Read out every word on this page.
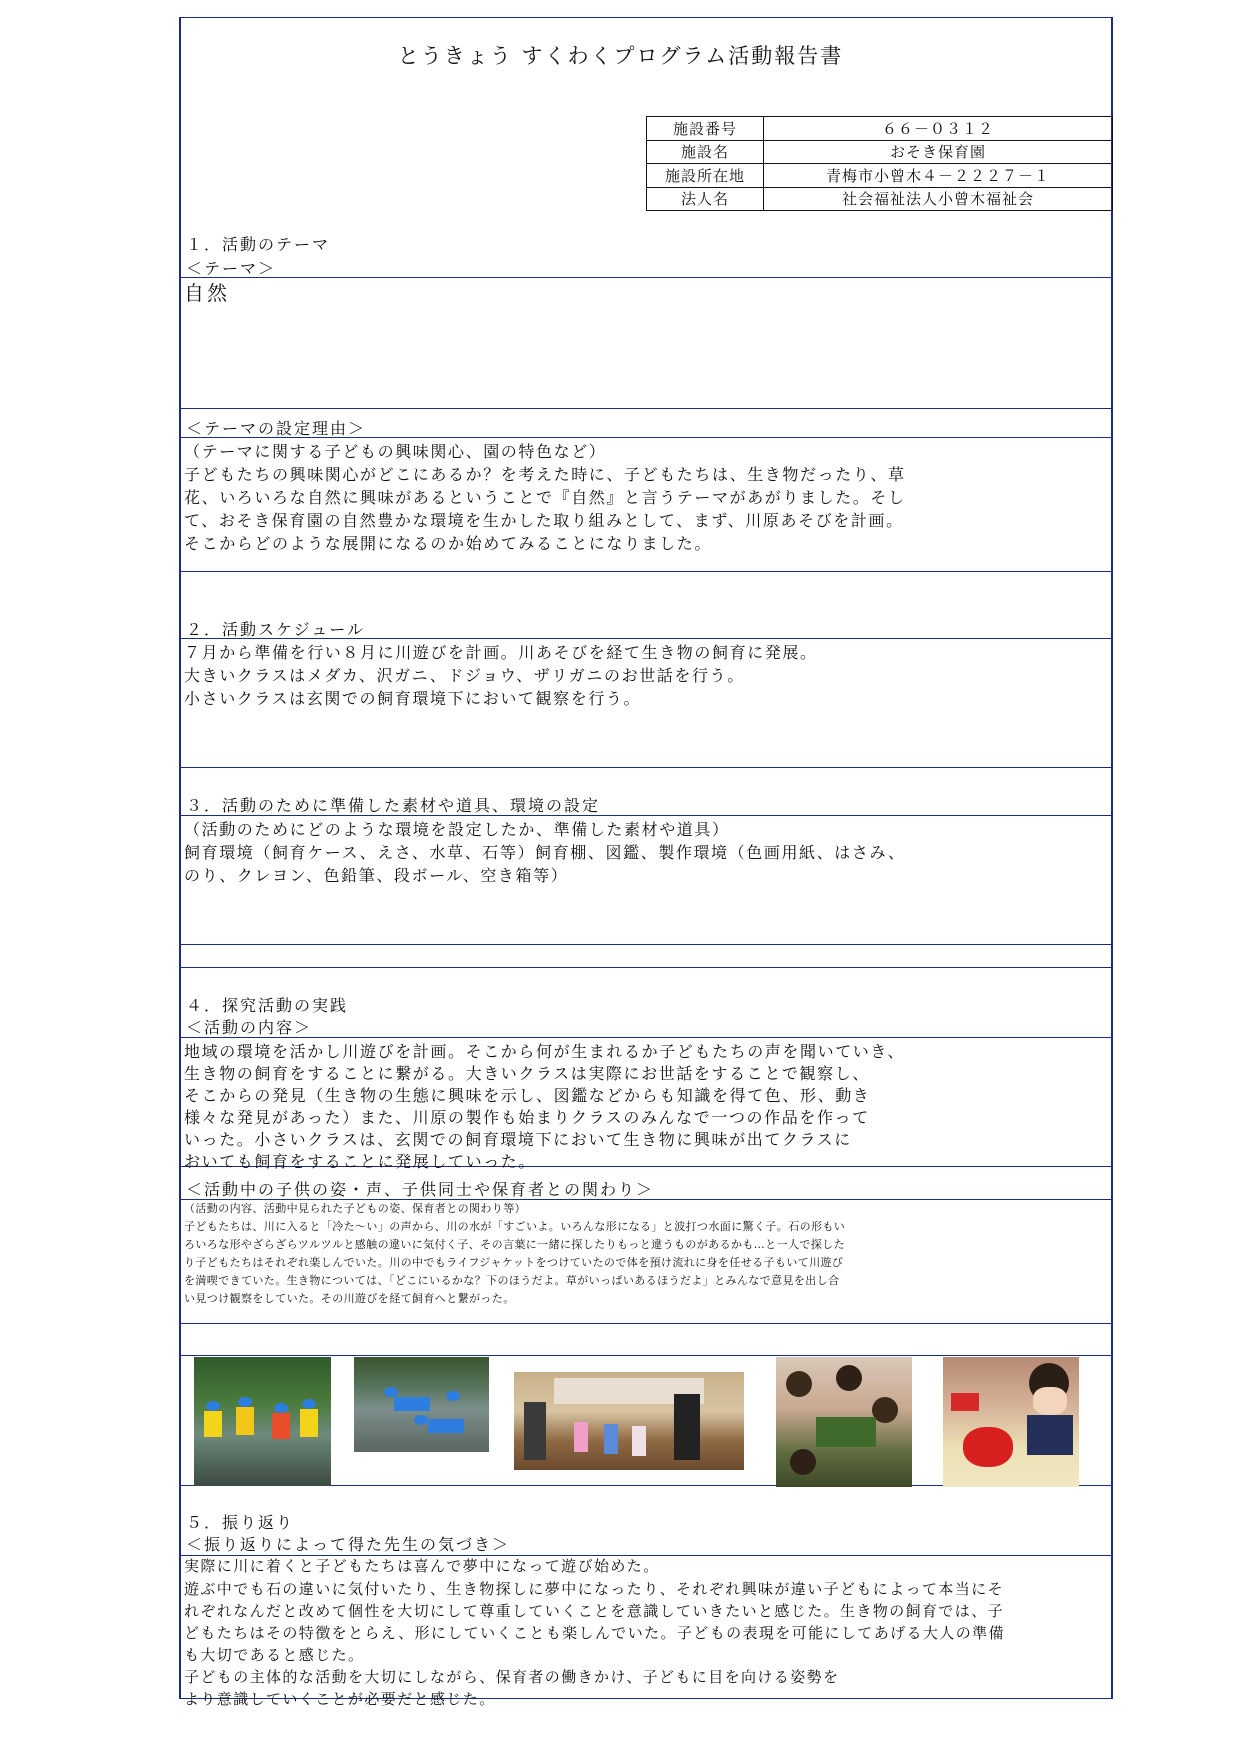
とうきょう すくわくプログラム活動報告書
施設番号	６６－０３１２
施設名	おそき保育園
施設所在地	青梅市小曾木４－２２２７－１
法人名	社会福祉法人小曾木福祉会
１．活動のテーマ
＜テーマ＞
自然
＜テーマの設定理由＞
（テーマに関する子どもの興味関心、園の特色など）
子どもたちの興味関心がどこにあるか？を考えた時に、子どもたちは、生き物だったり、草
花、いろいろな自然に興味があるということで『自然』と言うテーマがあがりました。そし
て、おそき保育園の自然豊かな環境を生かした取り組みとして、まず、川原あそびを計画。
そこからどのような展開になるのか始めてみることになりました。
２．活動スケジュール
７月から準備を行い８月に川遊びを計画。川あそびを経て生き物の飼育に発展。
大きいクラスはメダカ、沢ガニ、ドジョウ、ザリガニのお世話を行う。
小さいクラスは玄関での飼育環境下において観察を行う。
３．活動のために準備した素材や道具、環境の設定
（活動のためにどのような環境を設定したか、準備した素材や道具）
飼育環境（飼育ケース、えさ、水草、石等）飼育棚、図鑑、製作環境（色画用紙、はさみ、
のり、クレヨン、色鉛筆、段ボール、空き箱等）
４．探究活動の実践
＜活動の内容＞
地域の環境を活かし川遊びを計画。そこから何が生まれるか子どもたちの声を聞いていき、
生き物の飼育をすることに繋がる。大きいクラスは実際にお世話をすることで観察し、
そこからの発見（生き物の生態に興味を示し、図鑑などからも知識を得て色、形、動き
様々な発見があった）また、川原の製作も始まりクラスのみんなで一つの作品を作って
いった。小さいクラスは、玄関での飼育環境下において生き物に興味が出てクラスに
おいても飼育をすることに発展していった。
＜活動中の子供の姿・声、子供同士や保育者との関わり＞
（活動の内容、活動中見られた子どもの姿、保育者との関わり等）
子どもたちは、川に入ると「冷た～い」の声から、川の水が「すごいよ。いろんな形になる」と波打つ水面に驚く子。石の形もい
ろいろな形やざらざらツルツルと感触の違いに気付く子、その言葉に一緒に探したりもっと違うものがあるかも…と一人で探した
り子どもたちはそれぞれ楽しんでいた。川の中でもライフジャケットをつけていたので体を預け流れに身を任せる子もいて川遊び
を満喫できていた。生き物については、「どこにいるかな？下のほうだよ。草がいっぱいあるほうだよ」とみんなで意見を出し合
い見つけ観察をしていた。その川遊びを経て飼育へと繋がった。
５．振り返り
＜振り返りによって得た先生の気づき＞
実際に川に着くと子どもたちは喜んで夢中になって遊び始めた。
遊ぶ中でも石の違いに気付いたり、生き物探しに夢中になったり、それぞれ興味が違い子どもによって本当にそ
れぞれなんだと改めて個性を大切にして尊重していくことを意識していきたいと感じた。生き物の飼育では、子
どもたちはその特徴をとらえ、形にしていくことも楽しんでいた。子どもの表現を可能にしてあげる大人の準備
も大切であると感じた。
子どもの主体的な活動を大切にしながら、保育者の働きかけ、子どもに目を向ける姿勢を
より意識していくことが必要だと感じた。
